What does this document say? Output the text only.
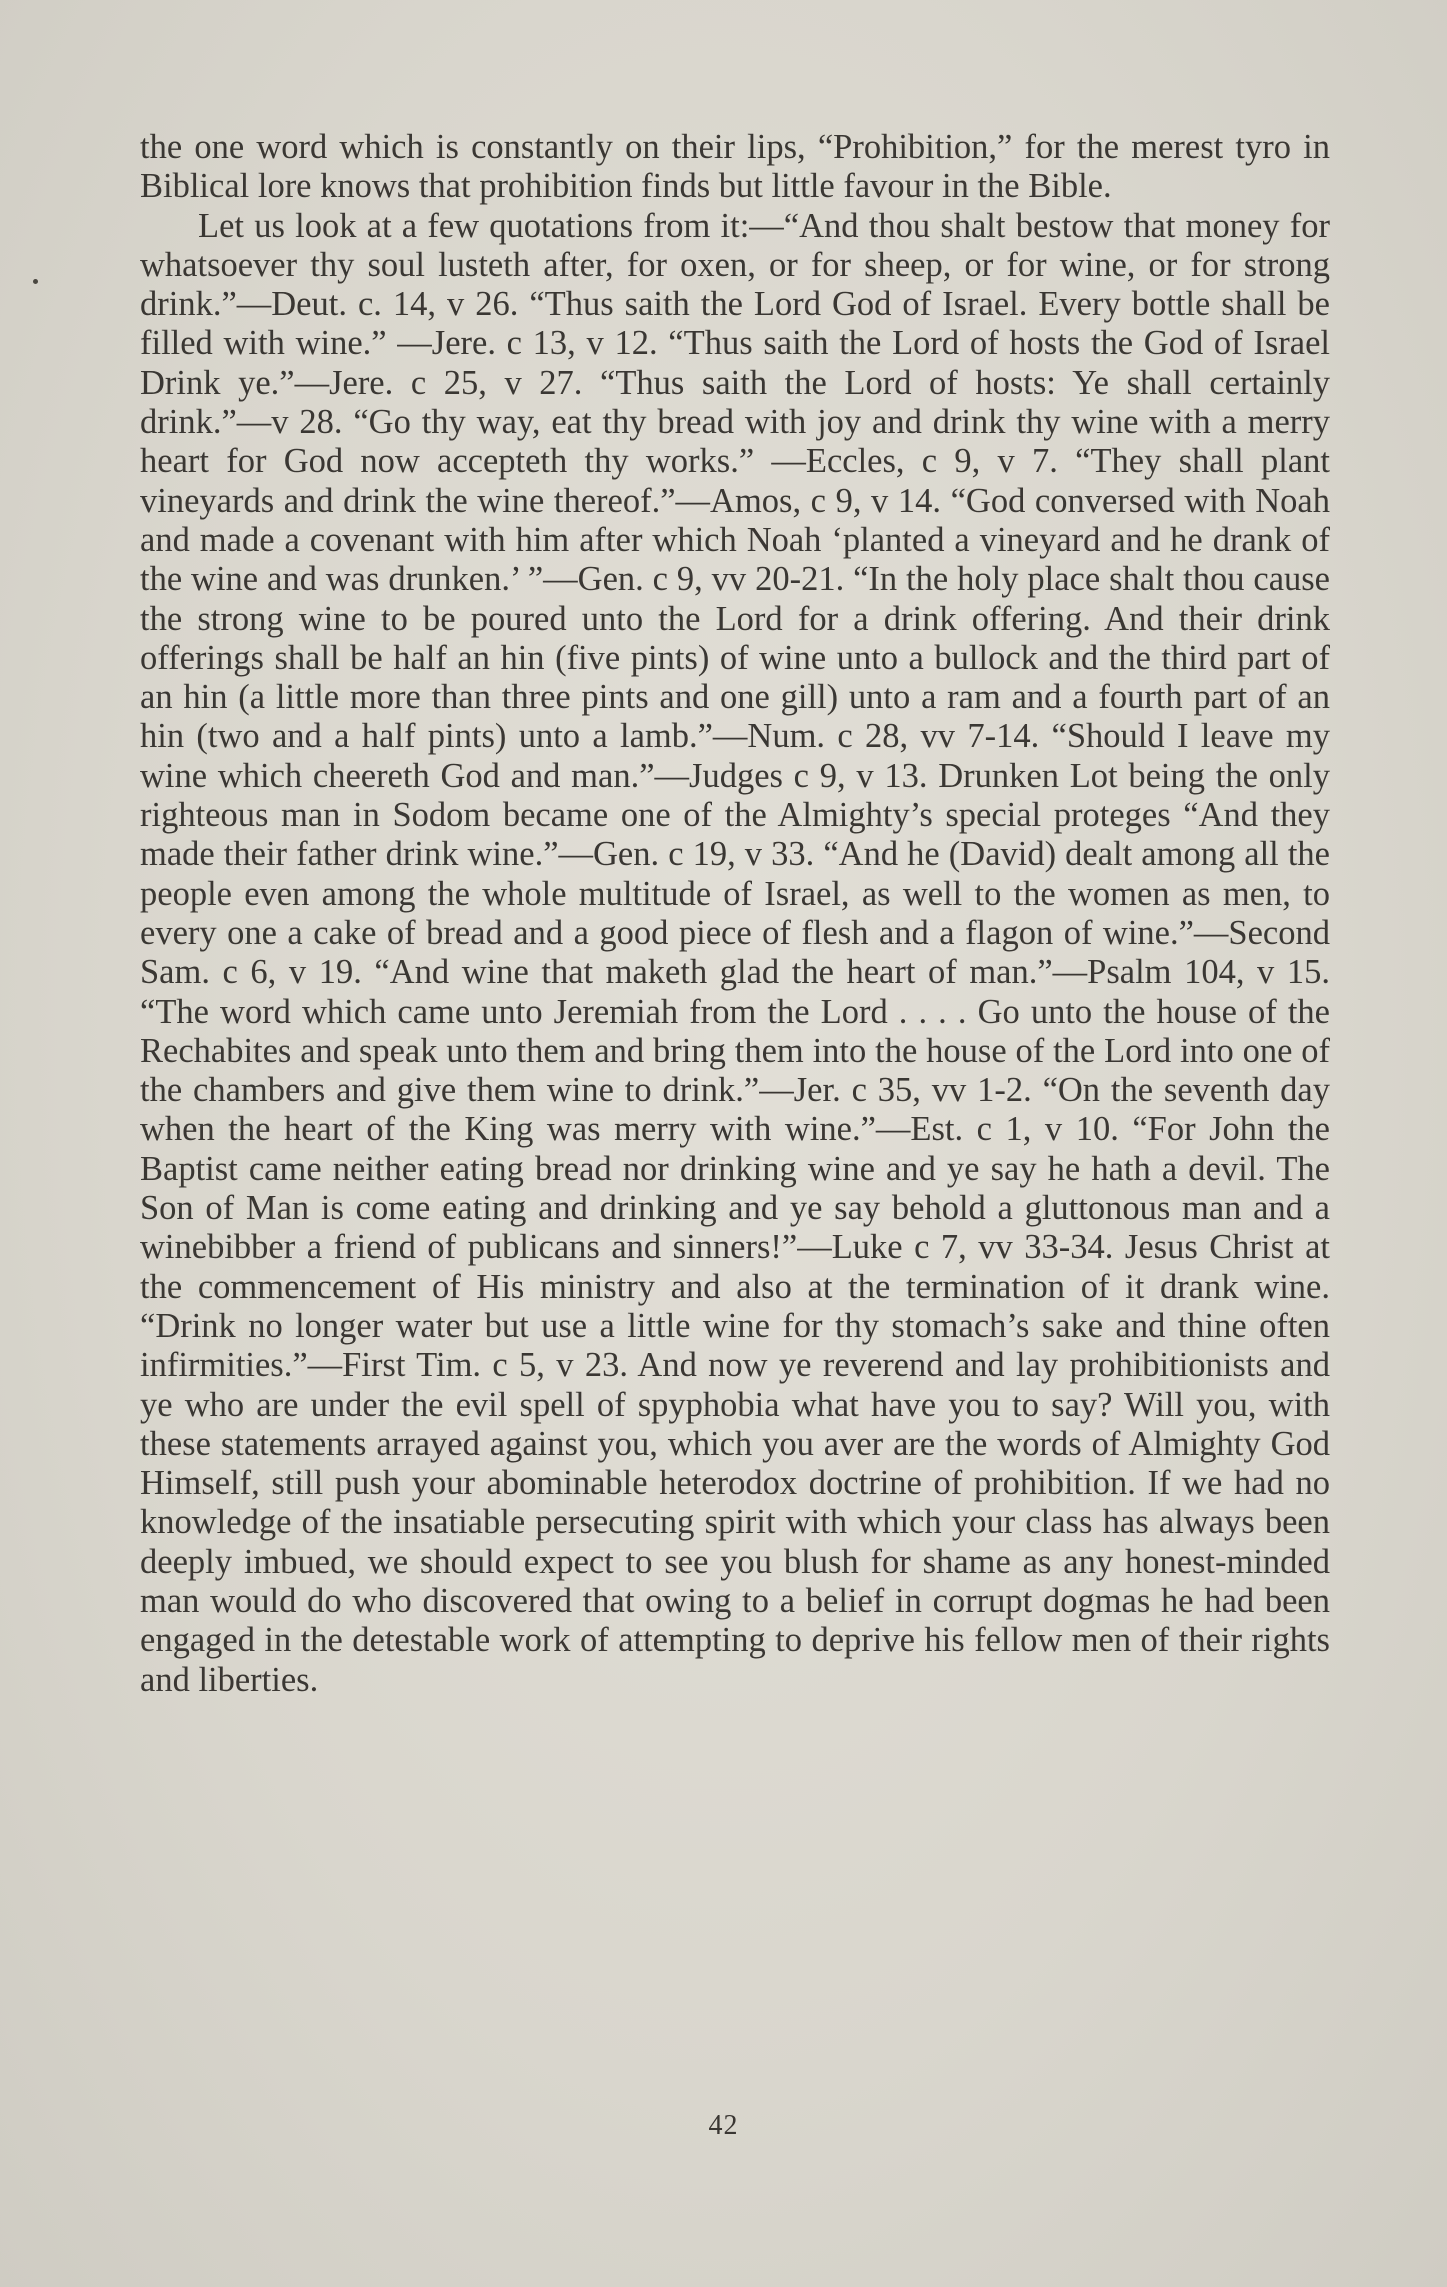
the one word which is constantly on their lips, “Prohibition,” for the merest tyro in Biblical lore knows that prohibition finds but little favour in the Bible.

Let us look at a few quotations from it:—“And thou shalt bestow that money for whatsoever thy soul lusteth after, for oxen, or for sheep, or for wine, or for strong drink.”—Deut. c. 14, v 26. “Thus saith the Lord God of Israel. Every bottle shall be filled with wine.” —Jere. c 13, v 12. “Thus saith the Lord of hosts the God of Israel Drink ye.”—Jere. c 25, v 27. “Thus saith the Lord of hosts: Ye shall certainly drink.”—v 28. “Go thy way, eat thy bread with joy and drink thy wine with a merry heart for God now accepteth thy works.” —Eccles, c 9, v 7. “They shall plant vineyards and drink the wine thereof.”—Amos, c 9, v 14. “God conversed with Noah and made a covenant with him after which Noah ‘planted a vineyard and he drank of the wine and was drunken.’ ”—Gen. c 9, vv 20-21. “In the holy place shalt thou cause the strong wine to be poured unto the Lord for a drink offering. And their drink offerings shall be half an hin (five pints) of wine unto a bullock and the third part of an hin (a little more than three pints and one gill) unto a ram and a fourth part of an hin (two and a half pints) unto a lamb.”—Num. c 28, vv 7-14. “Should I leave my wine which cheereth God and man.”—Judges c 9, v 13. Drunken Lot being the only righteous man in Sodom became one of the Almighty’s special proteges “And they made their father drink wine.”—Gen. c 19, v 33. “And he (David) dealt among all the people even among the whole multitude of Israel, as well to the women as men, to every one a cake of bread and a good piece of flesh and a flagon of wine.”—Second Sam. c 6, v 19. “And wine that maketh glad the heart of man.”—Psalm 104, v 15. “The word which came unto Jeremiah from the Lord . . . . Go unto the house of the Rechabites and speak unto them and bring them into the house of the Lord into one of the chambers and give them wine to drink.”—Jer. c 35, vv 1-2. “On the seventh day when the heart of the King was merry with wine.”—Est. c 1, v 10. “For John the Baptist came neither eating bread nor drinking wine and ye say he hath a devil. The Son of Man is come eating and drinking and ye say behold a gluttonous man and a winebibber a friend of publicans and sinners!”—Luke c 7, vv 33-34. Jesus Christ at the commencement of His ministry and also at the termination of it drank wine. “Drink no longer water but use a little wine for thy stomach’s sake and thine often infirmities.”—First Tim. c 5, v 23. And now ye reverend and lay prohibitionists and ye who are under the evil spell of spyphobia what have you to say? Will you, with these statements arrayed against you, which you aver are the words of Almighty God Himself, still push your abominable heterodox doctrine of prohibition. If we had no knowledge of the insatiable persecuting spirit with which your class has always been deeply imbued, we should expect to see you blush for shame as any honest-minded man would do who discovered that owing to a belief in corrupt dogmas he had been engaged in the detestable work of attempting to deprive his fellow men of their rights and liberties.

42
